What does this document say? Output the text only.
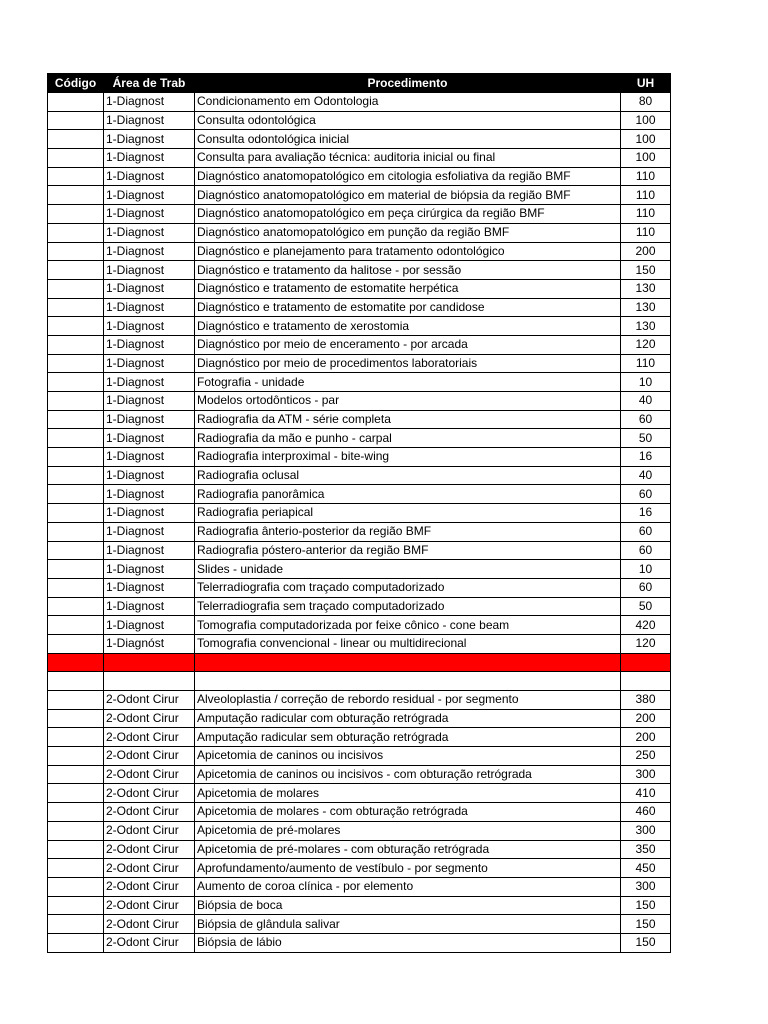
Código	Área de Trab	Procedimento	UH
	1-Diagnost	Condicionamento em Odontologia	80
	1-Diagnost	Consulta odontológica	100
	1-Diagnost	Consulta odontológica inicial	100
	1-Diagnost	Consulta para avaliação técnica: auditoria inicial ou final	100
	1-Diagnost	Diagnóstico anatomopatológico em citologia esfoliativa da região BMF	110
	1-Diagnost	Diagnóstico anatomopatológico em material de biópsia da região BMF	110
	1-Diagnost	Diagnóstico anatomopatológico em peça cirúrgica da região BMF	110
	1-Diagnost	Diagnóstico anatomopatológico em punção da região BMF	110
	1-Diagnost	Diagnóstico e planejamento para tratamento odontológico	200
	1-Diagnost	Diagnóstico e tratamento da halitose - por sessão	150
	1-Diagnost	Diagnóstico e tratamento de estomatite herpética	130
	1-Diagnost	Diagnóstico e tratamento de estomatite por candidose	130
	1-Diagnost	Diagnóstico e tratamento de xerostomia	130
	1-Diagnost	Diagnóstico por meio de enceramento - por arcada	120
	1-Diagnost	Diagnóstico por meio de procedimentos laboratoriais	110
	1-Diagnost	Fotografia - unidade	10
	1-Diagnost	Modelos ortodônticos - par	40
	1-Diagnost	Radiografia da ATM - série completa	60
	1-Diagnost	Radiografia da mão e punho - carpal	50
	1-Diagnost	Radiografia interproximal - bite-wing	16
	1-Diagnost	Radiografia oclusal	40
	1-Diagnost	Radiografia panorâmica	60
	1-Diagnost	Radiografia periapical	16
	1-Diagnost	Radiografia ânterio-posterior da região BMF	60
	1-Diagnost	Radiografia póstero-anterior da região BMF	60
	1-Diagnost	Slides - unidade	10
	1-Diagnost	Telerradiografia com traçado computadorizado	60
	1-Diagnost	Telerradiografia sem traçado computadorizado	50
	1-Diagnost	Tomografia computadorizada por feixe cônico - cone beam	420
	1-Diagnóst	Tomografia convencional - linear ou multidirecional	120

	2-Odont Cirur	Alveoloplastia / correção de rebordo residual - por segmento	380
	2-Odont Cirur	Amputação radicular com obturação retrógrada	200
	2-Odont Cirur	Amputação radicular sem obturação retrógrada	200
	2-Odont Cirur	Apicetomia de caninos ou incisivos	250
	2-Odont Cirur	Apicetomia de caninos ou incisivos - com obturação retrógrada	300
	2-Odont Cirur	Apicetomia de molares	410
	2-Odont Cirur	Apicetomia de molares - com obturação retrógrada	460
	2-Odont Cirur	Apicetomia de pré-molares	300
	2-Odont Cirur	Apicetomia de pré-molares - com obturação retrógrada	350
	2-Odont Cirur	Aprofundamento/aumento de vestíbulo - por segmento	450
	2-Odont Cirur	Aumento de coroa clínica - por elemento	300
	2-Odont Cirur	Biópsia de boca	150
	2-Odont Cirur	Biópsia de glândula salivar	150
	2-Odont Cirur	Biópsia de lábio	150
